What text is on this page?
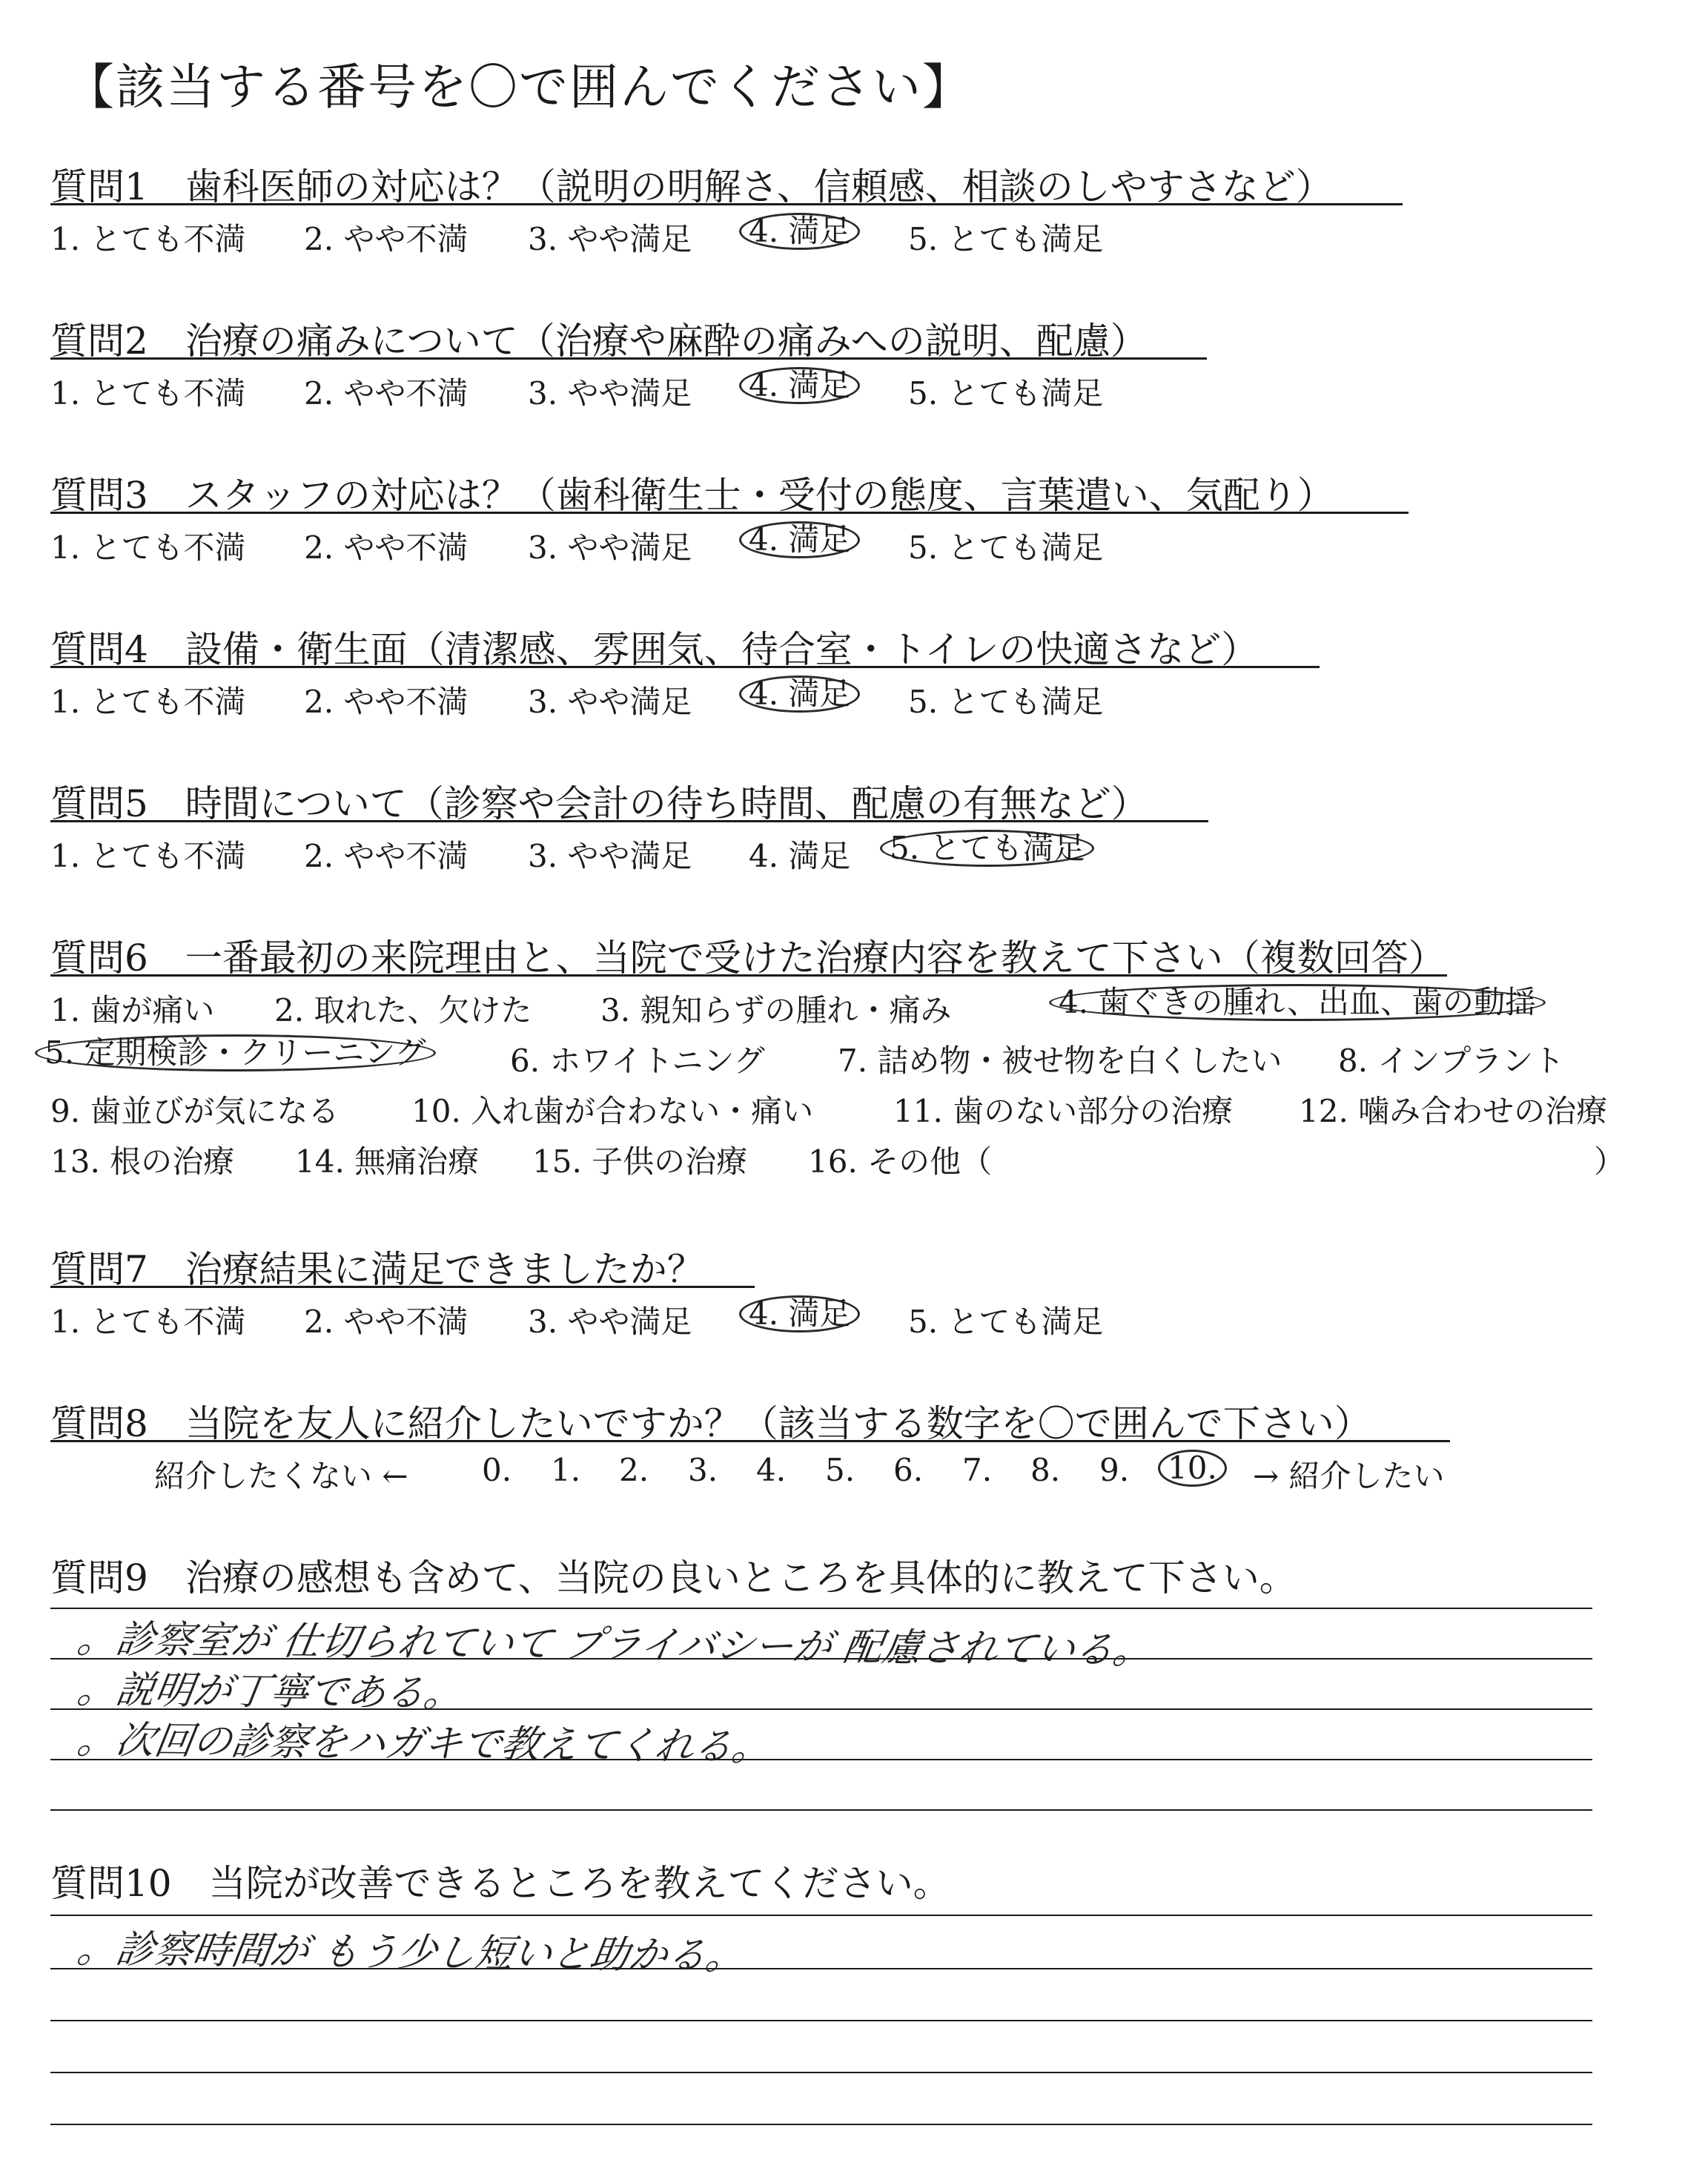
【該当する番号を〇で囲んでください】
質問1　歯科医師の対応は？（説明の明解さ、信頼感、相談のしやすさなど）
1. とても不満 2. やや不満 3. やや満足	4. 満足	5. とても満足
質問2　治療の痛みについて（治療や麻酔の痛みへの説明、配慮）
1. とても不満 2. やや不満 3. やや満足	4. 満足	5. とても満足
質問3　スタッフの対応は？（歯科衛生士・受付の態度、言葉遣い、気配り）
1. とても不満 2. やや不満 3. やや満足	4. 満足	5. とても満足
質問4　設備・衛生面（清潔感、雰囲気、待合室・トイレの快適さなど）
1. とても不満 2. やや不満 3. やや満足	4. 満足	5. とても満足
質問5　時間について（診察や会計の待ち時間、配慮の有無など）
1. とても不満 2. やや不満 3. やや満足 4. 満足	5. とても満足
質問6　一番最初の来院理由と、当院で受けた治療内容を教えて下さい（複数回答）
1. 歯が痛い 2. 取れた、欠けた 3. 親知らずの腫れ・痛み	4. 歯ぐきの腫れ、出血、歯の動揺
5. 定期検診・クリーニング	6. ホワイトニング 7. 詰め物・被せ物を白くしたい 8. インプラント
9. 歯並びが気になる 10. 入れ歯が合わない・痛い	11. 歯のない部分の治療 12. 噛み合わせの治療
13. 根の治療 14. 無痛治療 15. 子供の治療 16. その他（	）
質問7　治療結果に満足できましたか？
1. とても不満 2. やや不満 3. やや満足	4. 満足	5. とても満足
質問8　当院を友人に紹介したいですか？（該当する数字を〇で囲んで下さい）
紹介したくない ← 0. 1. 2. 3. 4. 5. 6. 7. 8. 9.	10.	→ 紹介したい
質問9　治療の感想も含めて、当院の良いところを具体的に教えて下さい。
。診察室が 仕切られていて プライバシーが 配慮されている。
。説明が丁寧である。
。次回の診察をハガキで教えてくれる。
質問10　当院が改善できるところを教えてください。
。診察時間が もう少し短いと助かる。
